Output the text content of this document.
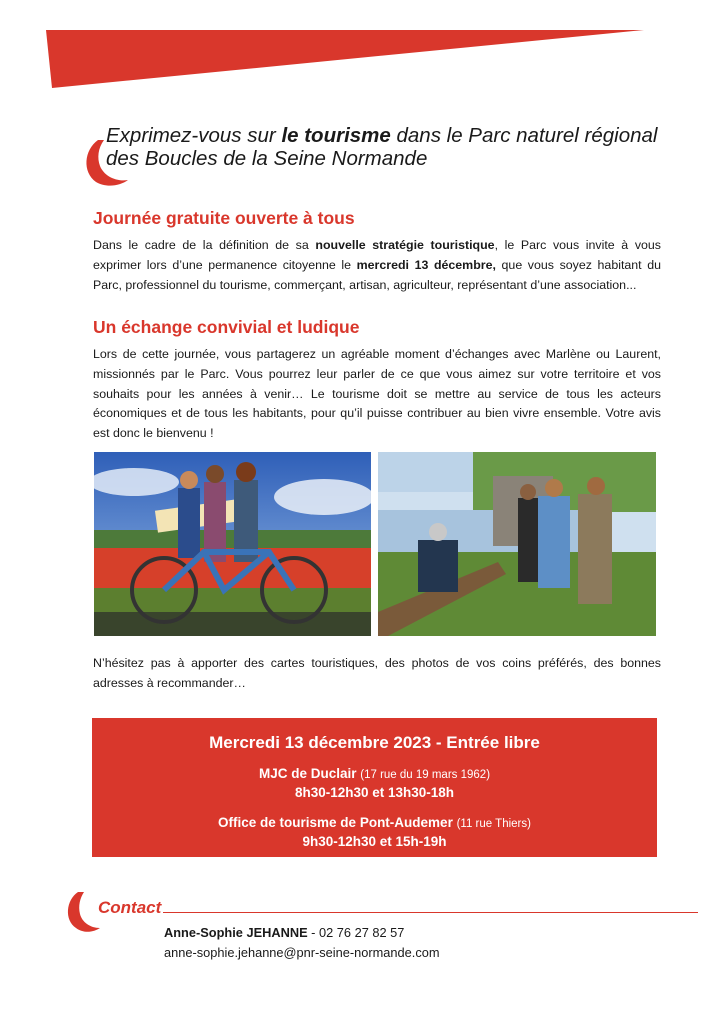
Exprimez-vous sur le tourisme dans le Parc naturel régional des Boucles de la Seine Normande
Journée gratuite ouverte à tous

Dans le cadre de la définition de sa nouvelle stratégie touristique, le Parc vous invite à vous exprimer lors d’une permanence citoyenne le mercredi 13 décembre, que vous soyez habitant du Parc, professionnel du tourisme, commerçant, artisan, agriculteur, représentant d’une association...

Un échange convivial et ludique

Lors de cette journée, vous partagerez un agréable moment d’échanges avec Marlène ou Laurent, missionnés par le Parc. Vous pourrez leur parler de ce que vous aimez sur votre territoire et vos souhaits pour les années à venir… Le tourisme doit se mettre au service de tous les acteurs économiques et de tous les habitants, pour qu’il puisse contribuer au bien vivre ensemble. Votre avis est donc le bienvenu !

N’hésitez pas à apporter des cartes touristiques, des photos de vos coins préférés, des bonnes adresses à recommander…

Mercredi 13 décembre 2023 - Entrée libre
MJC de Duclair (17 rue du 19 mars 1962)
8h30-12h30 et 13h30-18h
Office de tourisme de Pont-Audemer (11 rue Thiers)
9h30-12h30 et 15h-19h
Contact
Anne-Sophie JEHANNE - 02 76 27 82 57
anne-sophie.jehanne@pnr-seine-normande.com
